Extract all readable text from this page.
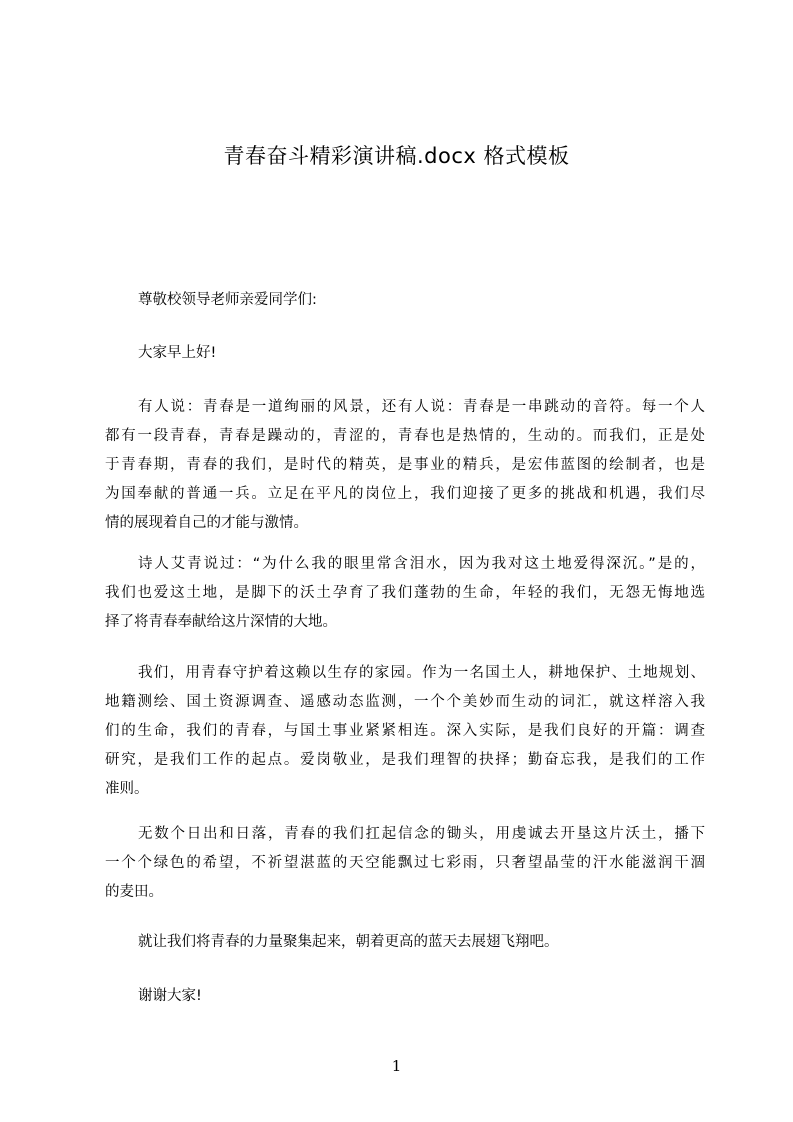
青春奋斗精彩演讲稿.docx 格式模板

尊敬校领导老师亲爱同学们:

大家早上好!

有人说：青春是一道绚丽的风景，还有人说：青春是一串跳动的音符。每一个人
都有一段青春，青春是躁动的，青涩的，青春也是热情的，生动的。而我们，正是处
于青春期，青春的我们，是时代的精英，是事业的精兵，是宏伟蓝图的绘制者，也是
为国奉献的普通一兵。立足在平凡的岗位上，我们迎接了更多的挑战和机遇，我们尽
情的展现着自己的才能与激情。
诗人艾青说过：“为什么我的眼里常含泪水，因为我对这土地爱得深沉。”是的，
我们也爱这土地，是脚下的沃土孕育了我们蓬勃的生命，年轻的我们，无怨无悔地选
择了将青春奉献给这片深情的大地。
我们，用青春守护着这赖以生存的家园。作为一名国土人，耕地保护、土地规划、
地籍测绘、国土资源调查、遥感动态监测，一个个美妙而生动的词汇，就这样溶入我
们的生命，我们的青春，与国土事业紧紧相连。深入实际，是我们良好的开篇：调查
研究，是我们工作的起点。爱岗敬业，是我们理智的抉择；勤奋忘我，是我们的工作
准则。
无数个日出和日落，青春的我们扛起信念的锄头，用虔诚去开垦这片沃土，播下
一个个绿色的希望，不祈望湛蓝的天空能飘过七彩雨，只奢望晶莹的汗水能滋润干涸
的麦田。

就让我们将青春的力量聚集起来，朝着更高的蓝天去展翅飞翔吧。

谢谢大家!

1
